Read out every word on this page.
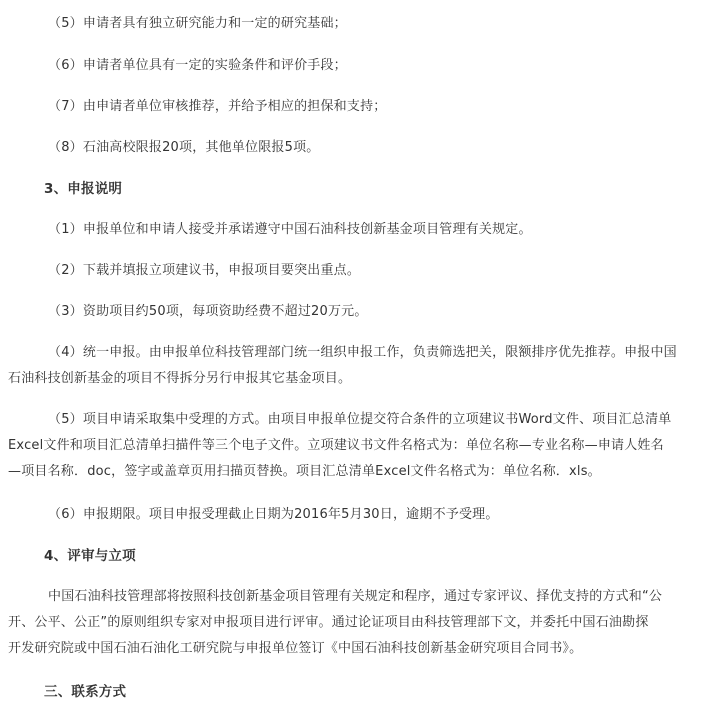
（5）申请者具有独立研究能力和一定的研究基础；
（6）申请者单位具有一定的实验条件和评价手段；
（7）由申请者单位审核推荐，并给予相应的担保和支持；
（8）石油高校限报20项，其他单位限报5项。
3、申报说明
（1）申报单位和申请人接受并承诺遵守中国石油科技创新基金项目管理有关规定。
（2）下载并填报立项建议书，申报项目要突出重点。
（3）资助项目约50项，每项资助经费不超过20万元。
（4）统一申报。由申报单位科技管理部门统一组织申报工作，负责筛选把关，限额排序优先推荐。申报中国
石油科技创新基金的项目不得拆分另行申报其它基金项目。
（5）项目申请采取集中受理的方式。由项目申报单位提交符合条件的立项建议书Word文件、项目汇总清单
Excel文件和项目汇总清单扫描件等三个电子文件。立项建议书文件名格式为：单位名称—专业名称—申请人姓名
—项目名称．doc，签字或盖章页用扫描页替换。项目汇总清单Excel文件名格式为：单位名称．xls。
（6）申报期限。项目申报受理截止日期为2016年5月30日，逾期不予受理。
4、评审与立项
中国石油科技管理部将按照科技创新基金项目管理有关规定和程序，通过专家评议、择优支持的方式和“公
开、公平、公正”的原则组织专家对申报项目进行评审。通过论证项目由科技管理部下文，并委托中国石油勘探
开发研究院或中国石油石油化工研究院与申报单位签订《中国石油科技创新基金研究项目合同书》。
三、联系方式
